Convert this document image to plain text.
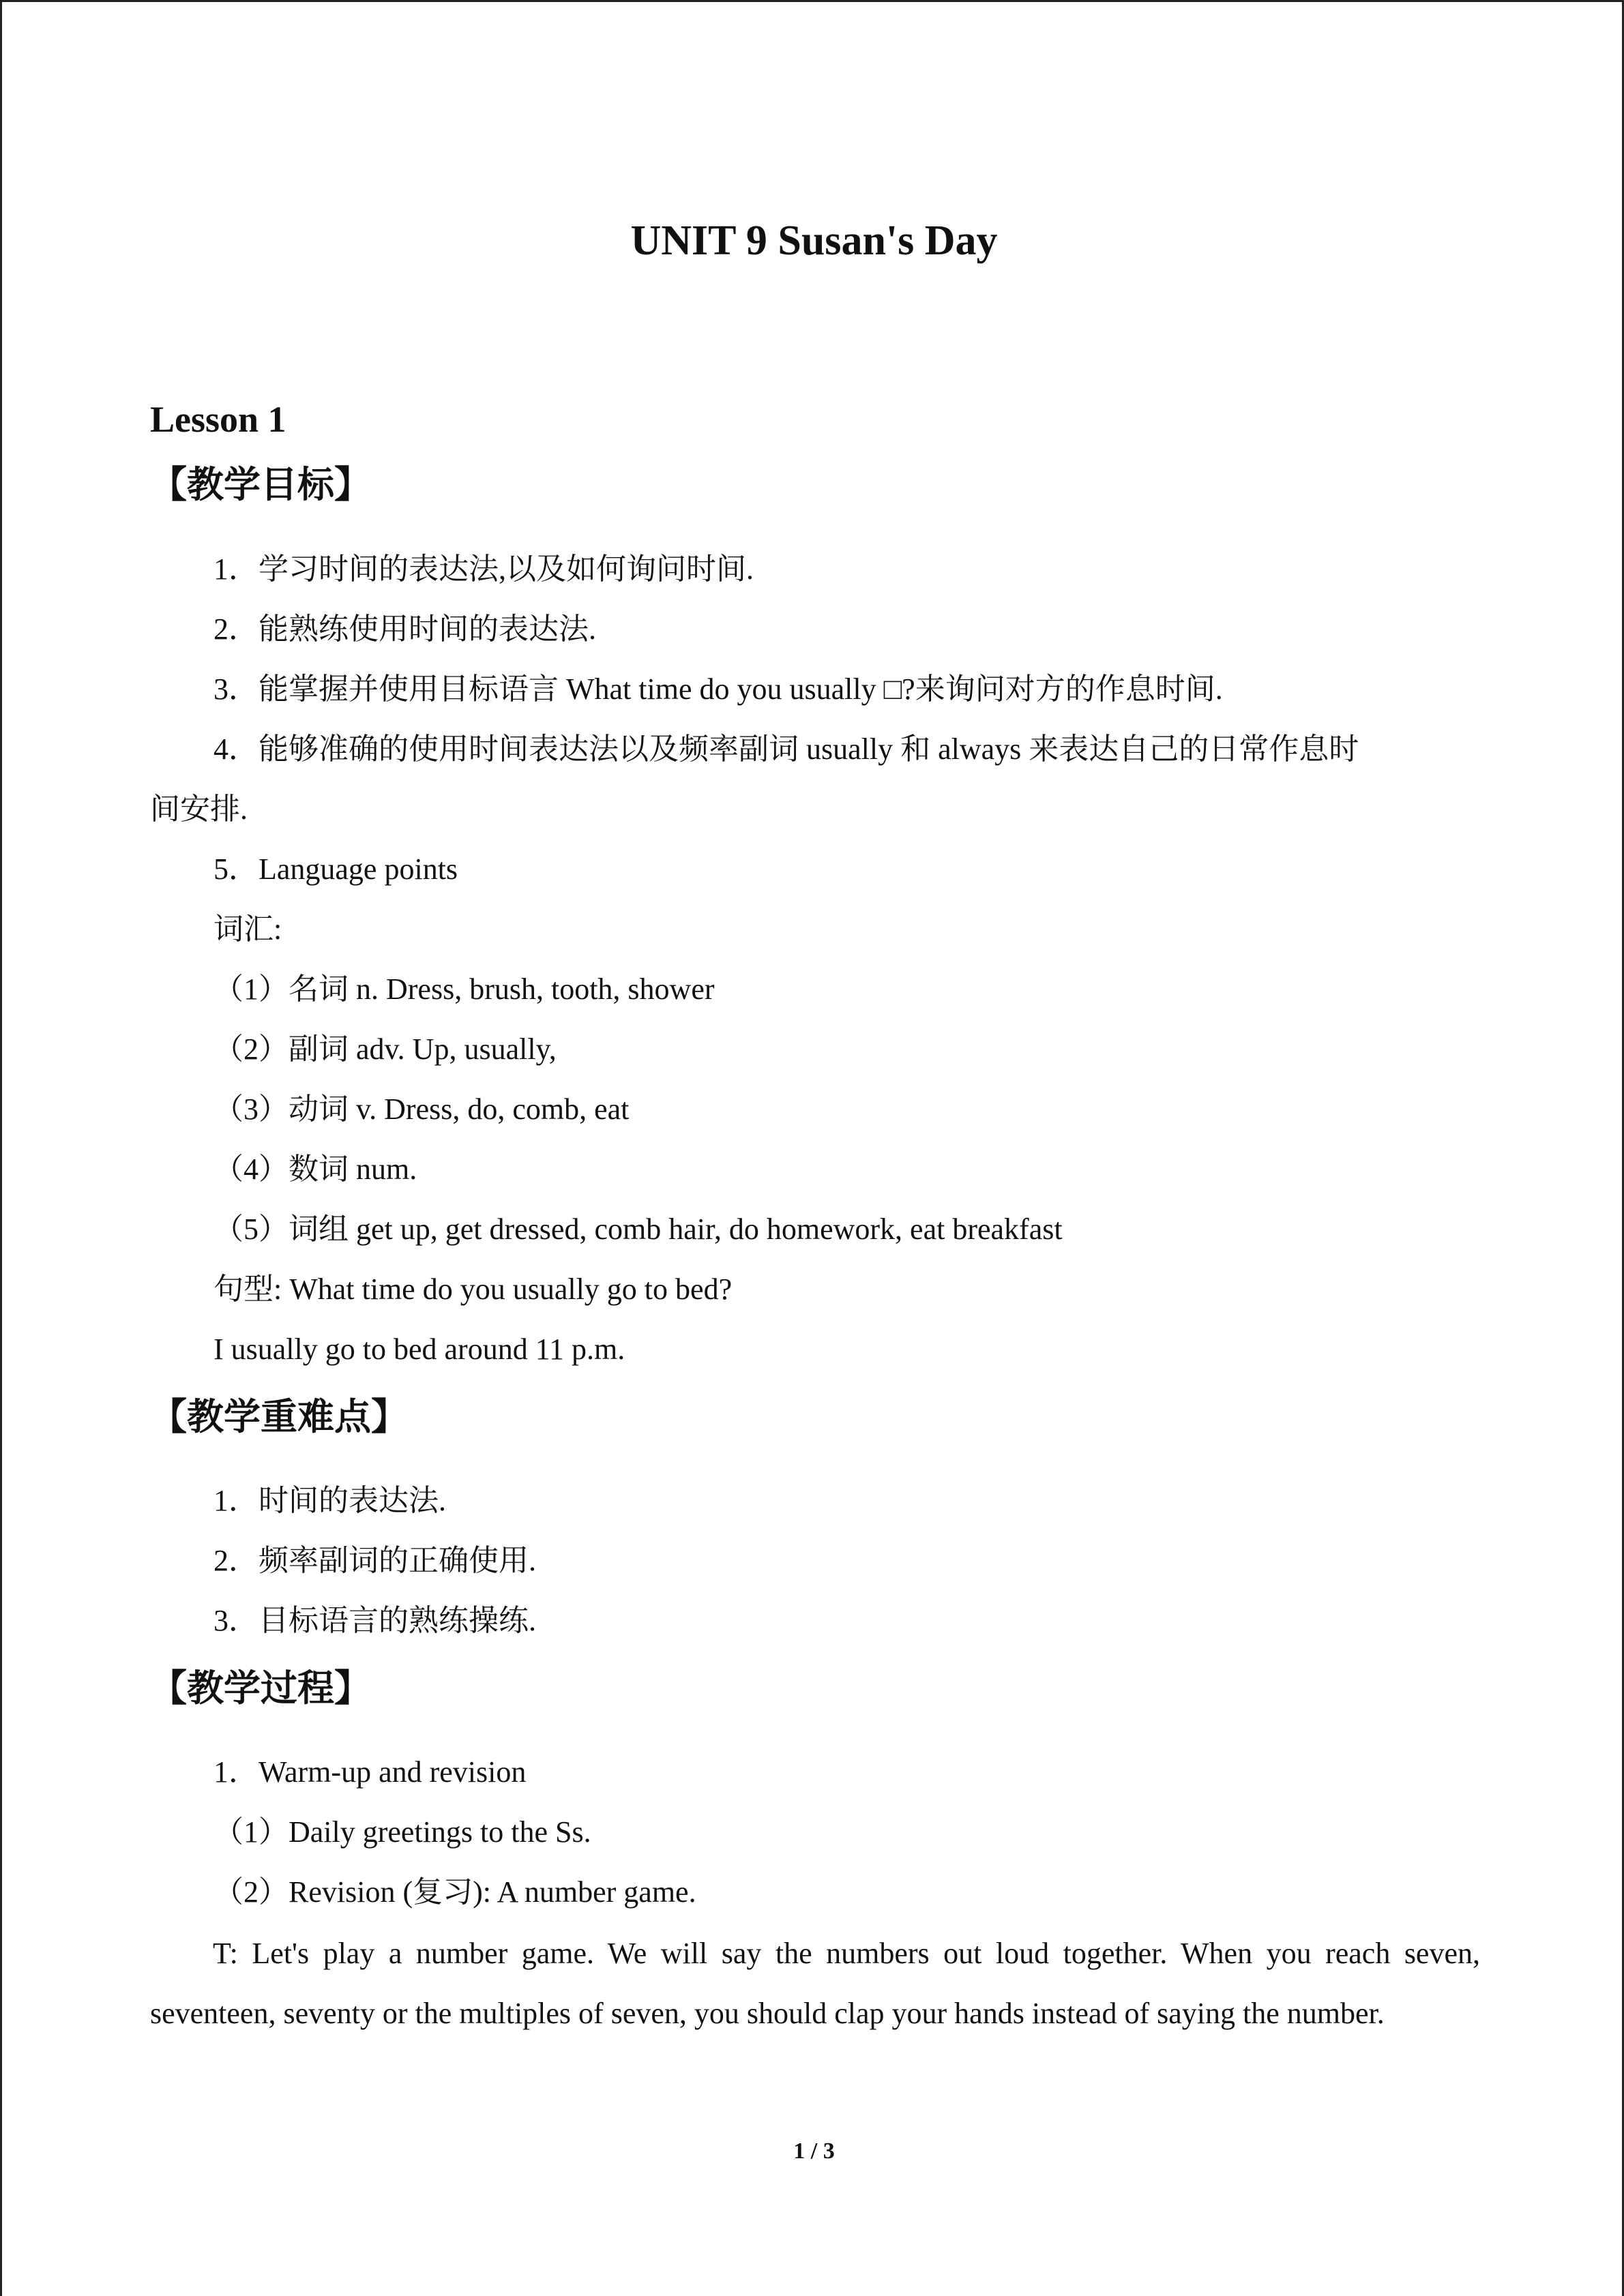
UNIT 9 Susan's Day
Lesson 1
【教学目标】
1．学习时间的表达法,以及如何询问时间.
2．能熟练使用时间的表达法.
3．能掌握并使用目标语言 What time do you usually □?来询问对方的作息时间.
4．能够准确的使用时间表达法以及频率副词 usually 和 always 来表达自己的日常作息时
间安排.
5．Language points
词汇:
（1）名词 n. Dress, brush, tooth, shower
（2）副词 adv. Up, usually,
（3）动词 v. Dress, do, comb, eat
（4）数词 num.
（5）词组 get up, get dressed, comb hair, do homework, eat breakfast
句型: What time do you usually go to bed?
I usually go to bed around 11 p.m.
【教学重难点】
1．时间的表达法.
2．频率副词的正确使用.
3．目标语言的熟练操练.
【教学过程】
1．Warm-up and revision
（1）Daily greetings to the Ss.
（2）Revision (复习): A number game.
T: Let's play a number game. We will say the numbers out loud together. When you reach seven, seventeen, seventy or the multiples of seven, you should clap your hands instead of saying the number.
1 / 3
